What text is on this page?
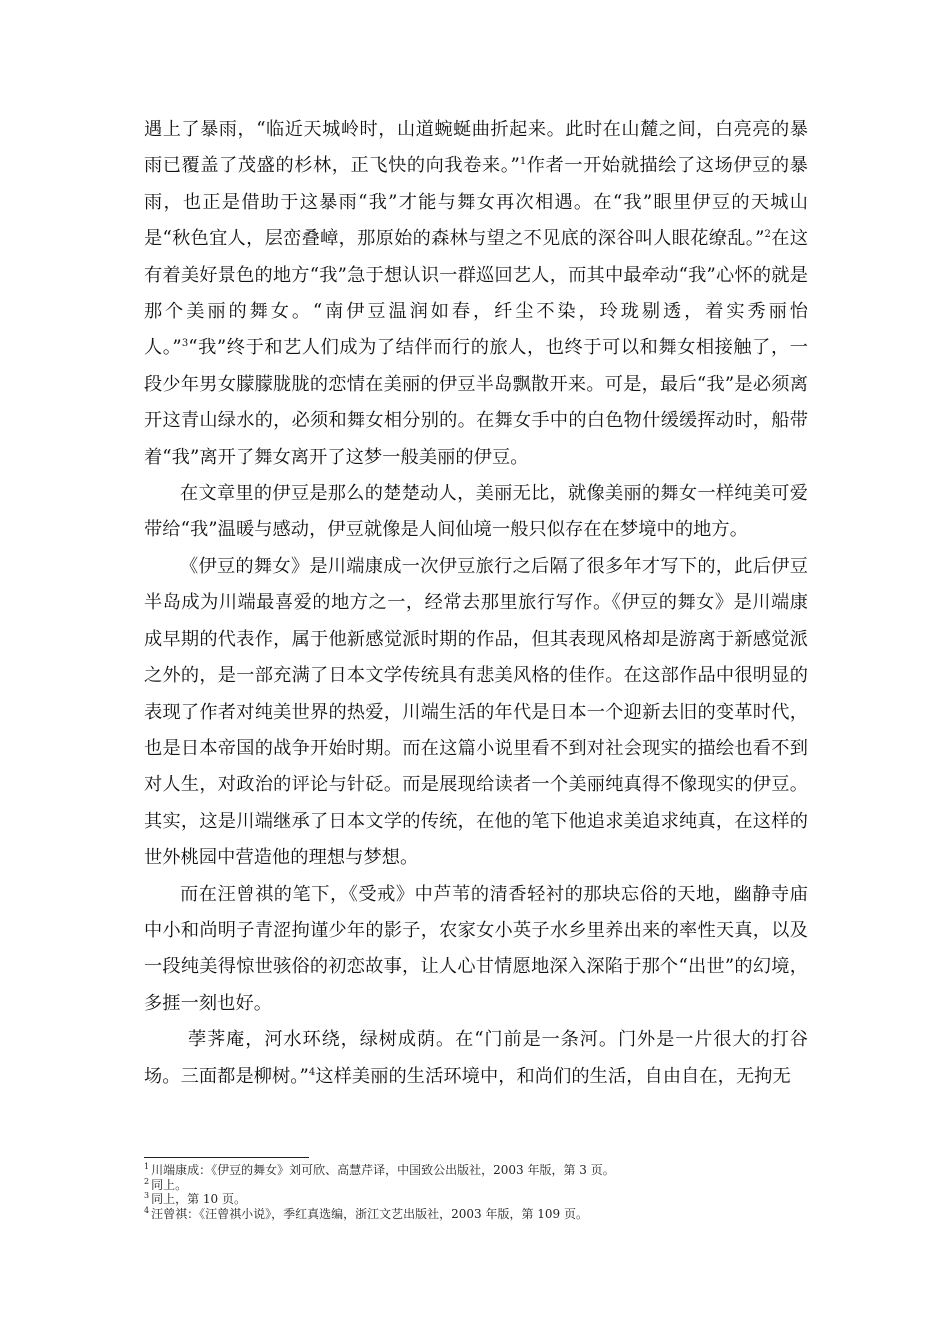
遇上了暴雨，“临近天城岭时，山道蜿蜒曲折起来。此时在山麓之间，白亮亮的暴雨已覆盖了茂盛的杉林，正飞快的向我卷来。”$^1$作者一开始就描绘了这场伊豆的暴雨，也正是借助于这暴雨“我”才能与舞女再次相遇。在“我”眼里伊豆的天城山是“秋色宜人，层峦叠嶂，那原始的森林与望之不见底的深谷叫人眼花缭乱。”$^2$在这有着美好景色的地方“我”急于想认识一群巡回艺人，而其中最牵动“我”心怀的就是那个美丽的舞女。“南伊豆温润如春，纤尘不染，玲珑剔透，着实秀丽怡人。”$^3$“我”终于和艺人们成为了结伴而行的旅人，也终于可以和舞女相接触了，一段少年男女朦朦胧胧的恋情在美丽的伊豆半岛飘散开来。可是，最后“我”是必须离开这青山绿水的，必须和舞女相分别的。在舞女手中的白色物什缓缓挥动时，船带着“我”离开了舞女离开了这梦一般美丽的伊豆。

在文章里的伊豆是那么的楚楚动人，美丽无比，就像美丽的舞女一样纯美可爱带给“我”温暖与感动，伊豆就像是人间仙境一般只似存在在梦境中的地方。

《伊豆的舞女》是川端康成一次伊豆旅行之后隔了很多年才写下的，此后伊豆半岛成为川端最喜爱的地方之一，经常去那里旅行写作。《伊豆的舞女》是川端康成早期的代表作，属于他新感觉派时期的作品，但其表现风格却是游离于新感觉派之外的，是一部充满了日本文学传统具有悲美风格的佳作。在这部作品中很明显的表现了作者对纯美世界的热爱，川端生活的年代是日本一个迎新去旧的变革时代，也是日本帝国的战争开始时期。而在这篇小说里看不到对社会现实的描绘也看不到对人生，对政治的评论与针砭。而是展现给读者一个美丽纯真得不像现实的伊豆。其实，这是川端继承了日本文学的传统，在他的笔下他追求美追求纯真，在这样的世外桃园中营造他的理想与梦想。

而在汪曾祺的笔下，《受戒》中芦苇的清香轻衬的那块忘俗的天地，幽静寺庙中小和尚明子青涩拘谨少年的影子，农家女小英子水乡里养出来的率性天真，以及一段纯美得惊世骇俗的初恋故事，让人心甘情愿地深入深陷于那个“出世”的幻境，多捱一刻也好。

荸荠庵，河水环绕，绿树成荫。在“门前是一条河。门外是一片很大的打谷场。三面都是柳树。”$^4$这样美丽的生活环境中，和尚们的生活，自由自在，无拘无

$^1$ 川端康成：《伊豆的舞女》刘可欣、高慧芹译，中国致公出版社，2003 年版，第 3 页。

$^2$ 同上。

$^3$ 同上，第 10 页。

$^4$ 汪曾祺：《汪曾祺小说》，季红真选编，浙江文艺出版社，2003 年版，第 109 页。
